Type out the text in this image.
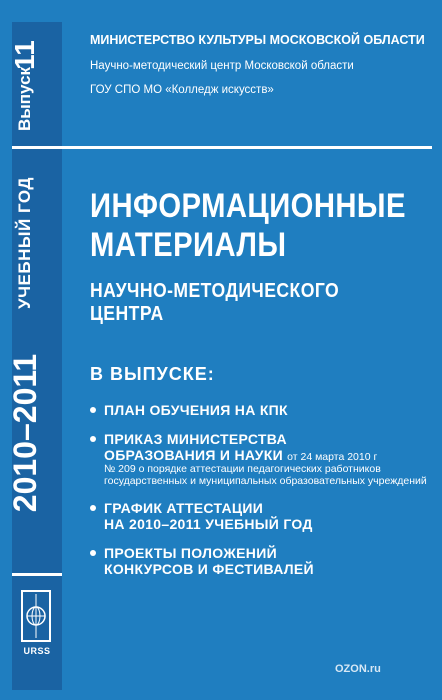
Выпуск
11
УЧЕБНЫЙ ГОД
2010–2011
URSS
МИНИСТЕРСТВО КУЛЬТУРЫ МОСКОВСКОЙ ОБЛАСТИ
Научно-методический центр Московской области
ГОУ СПО МО «Колледж искусств»
ИНФОРМАЦИОННЫЕ
МАТЕРИАЛЫ
НАУЧНО-МЕТОДИЧЕСКОГО ЦЕНТРА
В ВЫПУСКЕ:
ПЛАН ОБУЧЕНИЯ НА КПК
ПРИКАЗ МИНИСТЕРСТВА
ОБРАЗОВАНИЯ И НАУКИ от 24 марта 2010 г
№ 209 о порядке аттестации педагогических работников государственных и муниципальных образовательных учреждений
ГРАФИК АТТЕСТАЦИИ
НА 2010–2011 УЧЕБНЫЙ ГОД
ПРОЕКТЫ ПОЛОЖЕНИЙ
КОНКУРСОВ И ФЕСТИВАЛЕЙ
OZON.ru
